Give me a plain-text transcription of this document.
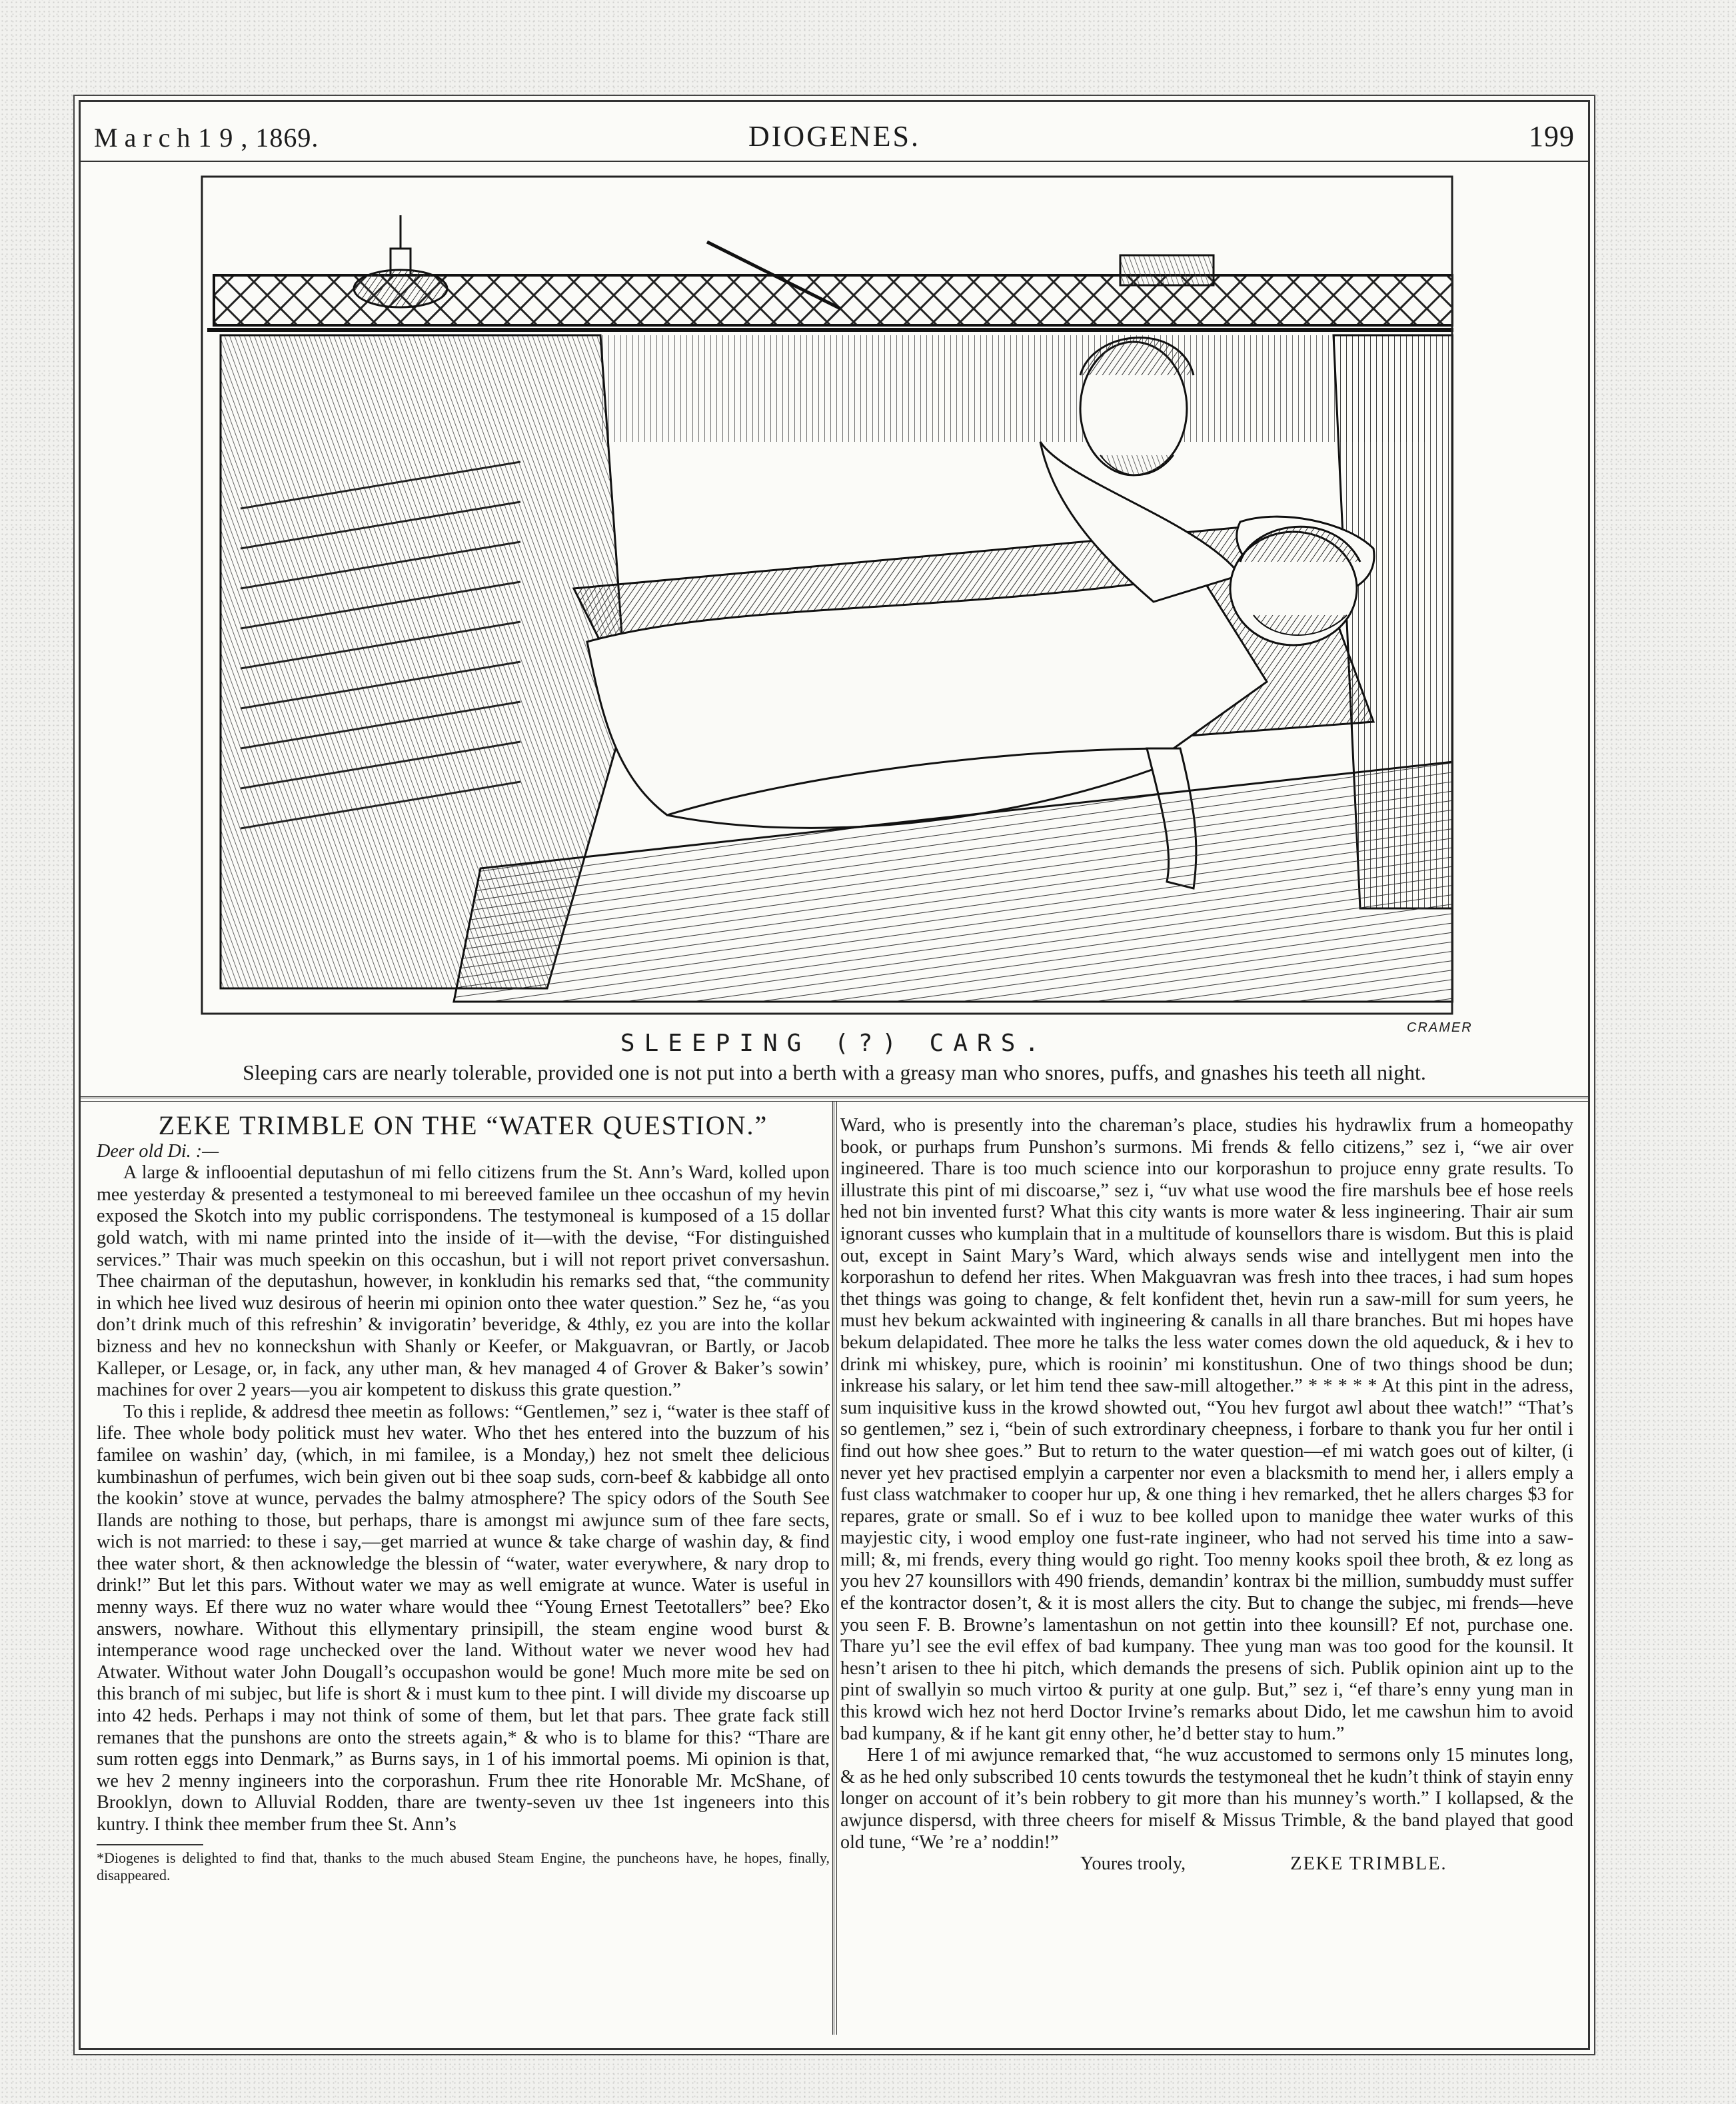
M a r c h 1 9 , 1869.	DIOGENES.	199
CRAMER
SLEEPING (?) CARS.
Sleeping cars are nearly tolerable, provided one is not put into a berth with a greasy man who snores, puffs, and gnashes his teeth all night.
ZEKE TRIMBLE ON THE “WATER QUESTION.”

Deer old Di. :—

A large & inflooential deputashun of mi fello citizens frum the St. Ann’s Ward, kolled upon mee yesterday & presented a testymoneal to mi bereeved familee un thee occashun of my hevin exposed the Skotch into my public corrispondens. The testymoneal is kumposed of a 15 dollar gold watch, with mi name printed into the inside of it—with the devise, “For distinguished services.” Thair was much speekin on this occashun, but i will not report privet conversashun. Thee chairman of the deputashun, however, in konkludin his remarks sed that, “the community in which hee lived wuz desirous of heerin mi opinion onto thee water question.” Sez he, “as you don’t drink much of this refreshin’ & invigoratin’ beveridge, & 4thly, ez you are into the kollar bizness and hev no konneckshun with Shanly or Keefer, or Makguavran, or Bartly, or Jacob Kalleper, or Lesage, or, in fack, any uther man, & hev managed 4 of Grover & Baker’s sowin’ machines for over 2 years—you air kompetent to diskuss this grate question.”

To this i replide, & addresd thee meetin as follows: “Gentlemen,” sez i, “water is thee staff of life. Thee whole body politick must hev water. Who thet hes entered into the buzzum of his familee on washin’ day, (which, in mi familee, is a Monday,) hez not smelt thee delicious kumbinashun of perfumes, wich bein given out bi thee soap suds, corn-beef & kabbidge all onto the kookin’ stove at wunce, pervades the balmy atmosphere? The spicy odors of the South See Ilands are nothing to those, but perhaps, thare is amongst mi awjunce sum of thee fare sects, wich is not married: to these i say,—get married at wunce & take charge of washin day, & find thee water short, & then acknowledge the blessin of “water, water everywhere, & nary drop to drink!” But let this pars. Without water we may as well emigrate at wunce. Water is useful in menny ways. Ef there wuz no water whare would thee “Young Ernest Teetotallers” bee? Eko answers, nowhare. Without this ellymentary prinsipill, the steam engine wood burst & intemperance wood rage unchecked over the land. Without water we never wood hev had Atwater. Without water John Dougall’s occupashon would be gone! Much more mite be sed on this branch of mi subjec, but life is short & i must kum to thee pint. I will divide my discoarse up into 42 heds. Perhaps i may not think of some of them, but let that pars. Thee grate fack still remanes that the punshons are onto the streets again,* & who is to blame for this? “Thare are sum rotten eggs into Denmark,” as Burns says, in 1 of his immortal poems. Mi opinion is that, we hev 2 menny ingineers into the corporashun. Frum thee rite Honorable Mr. McShane, of Brooklyn, down to Alluvial Rodden, thare are twenty-seven uv thee 1st ingeneers into this kuntry. I think thee member frum thee St. Ann’s

*Diogenes is delighted to find that, thanks to the much abused Steam Engine, the puncheons have, he hopes, finally, disappeared.

Ward, who is presently into the chareman’s place, studies his hydrawlix frum a homeopathy book, or purhaps frum Punshon’s surmons. Mi frends & fello citizens,” sez i, “we air over ingineered. Thare is too much science into our korporashun to projuce enny grate results. To illustrate this pint of mi discoarse,” sez i, “uv what use wood the fire marshuls bee ef hose reels hed not bin invented furst? What this city wants is more water & less ingineering. Thair air sum ignorant cusses who kumplain that in a multitude of kounsellors thare is wisdom. But this is plaid out, except in Saint Mary’s Ward, which always sends wise and intellygent men into the korporashun to defend her rites. When Makguavran was fresh into thee traces, i had sum hopes thet things was going to change, & felt konfident thet, hevin run a saw-mill for sum yeers, he must hev bekum ackwainted with ingineering & canalls in all thare branches. But mi hopes have bekum delapidated. Thee more he talks the less water comes down the old aqueduck, & i hev to drink mi whiskey, pure, which is rooinin’ mi konstitushun. One of two things shood be dun; inkrease his salary, or let him tend thee saw-mill altogether.” * * * * * At this pint in the adress, sum inquisitive kuss in the krowd showted out, “You hev furgot awl about thee watch!” “That’s so gentlemen,” sez i, “bein of such extrordinary cheepness, i forbare to thank you fur her ontil i find out how shee goes.” But to return to the water question—ef mi watch goes out of kilter, (i never yet hev practised emplyin a carpenter nor even a blacksmith to mend her, i allers emply a fust class watchmaker to cooper hur up, & one thing i hev remarked, thet he allers charges $3 for repares, grate or small. So ef i wuz to bee kolled upon to manidge thee water wurks of this mayjestic city, i wood employ one fust-rate ingineer, who had not served his time into a saw-mill; &, mi frends, every thing would go right. Too menny kooks spoil thee broth, & ez long as you hev 27 kounsillors with 490 friends, demandin’ kontrax bi the million, sumbuddy must suffer ef the kontractor dosen’t, & it is most allers the city. But to change the subjec, mi frends—heve you seen F. B. Browne’s lamentashun on not gettin into thee kounsill? Ef not, purchase one. Thare yu’l see the evil effex of bad kumpany. Thee yung man was too good for the kounsil. It hesn’t arisen to thee hi pitch, which demands the presens of sich. Publik opinion aint up to the pint of swallyin so much virtoo & purity at one gulp. But,” sez i, “ef thare’s enny yung man in this krowd wich hez not herd Doctor Irvine’s remarks about Dido, let me cawshun him to avoid bad kumpany, & if he kant git enny other, he’d better stay to hum.”

Here 1 of mi awjunce remarked that, “he wuz accustomed to sermons only 15 minutes long, & as he hed only subscribed 10 cents towurds the testymoneal thet he kudn’t think of stayin enny longer on account of it’s bein robbery to git more than his munney’s worth.” I kollapsed, & the awjunce dispersd, with three cheers for miself & Missus Trimble, & the band played that good old tune, “We ’re a’ noddin!”

Youres trooly,	ZEKE TRIMBLE.
